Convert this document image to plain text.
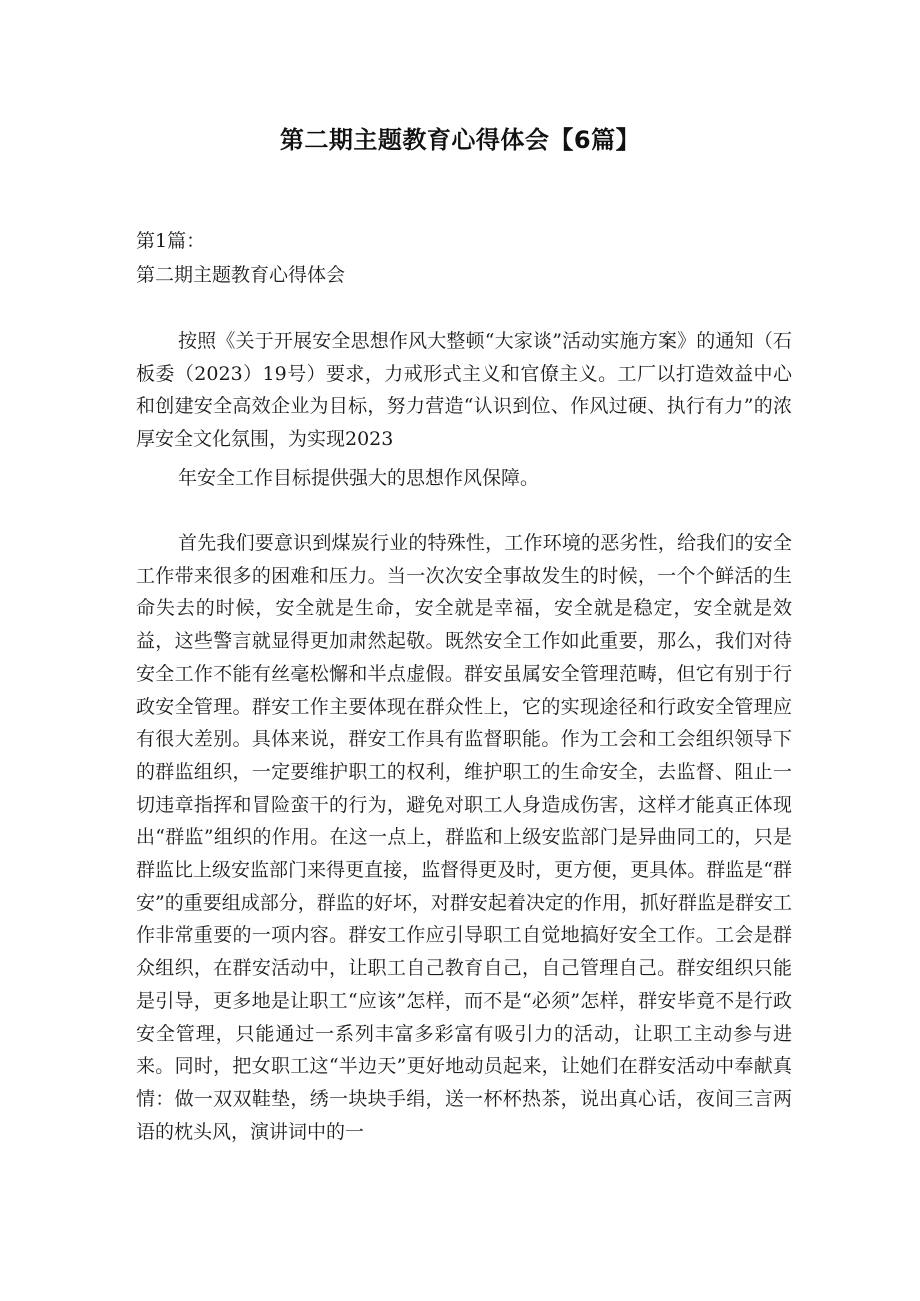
第二期主题教育心得体会【6篇】
第1篇：
第二期主题教育心得体会

按照《关于开展安全思想作风大整顿“大家谈”活动实施方案》的通知（石板委（2023）19号）要求，力戒形式主义和官僚主义。工厂以打造效益中心和创建安全高效企业为目标，努力营造“认识到位、作风过硬、执行有力”的浓厚安全文化氛围，为实现2023

年安全工作目标提供强大的思想作风保障。

首先我们要意识到煤炭行业的特殊性，工作环境的恶劣性，给我们的安全工作带来很多的困难和压力。当一次次安全事故发生的时候，一个个鲜活的生命失去的时候，安全就是生命，安全就是幸福，安全就是稳定，安全就是效益，这些警言就显得更加肃然起敬。既然安全工作如此重要，那么，我们对待安全工作不能有丝毫松懈和半点虚假。群安虽属安全管理范畴，但它有别于行政安全管理。群安工作主要体现在群众性上，它的实现途径和行政安全管理应有很大差别。具体来说，群安工作具有监督职能。作为工会和工会组织领导下的群监组织，一定要维护职工的权利，维护职工的生命安全，去监督、阻止一切违章指挥和冒险蛮干的行为，避免对职工人身造成伤害，这样才能真正体现出“群监”组织的作用。在这一点上，群监和上级安监部门是异曲同工的，只是群监比上级安监部门来得更直接，监督得更及时，更方便，更具体。群监是“群安”的重要组成部分，群监的好坏，对群安起着决定的作用，抓好群监是群安工作非常重要的一项内容。群安工作应引导职工自觉地搞好安全工作。工会是群众组织，在群安活动中，让职工自己教育自己，自己管理自己。群安组织只能是引导，更多地是让职工“应该”怎样，而不是“必须”怎样，群安毕竟不是行政安全管理，只能通过一系列丰富多彩富有吸引力的活动，让职工主动参与进来。同时，把女职工这“半边天”更好地动员起来，让她们在群安活动中奉献真情：做一双双鞋垫，绣一块块手绢，送一杯杯热茶，说出真心话，夜间三言两语的枕头风，演讲词中的一
